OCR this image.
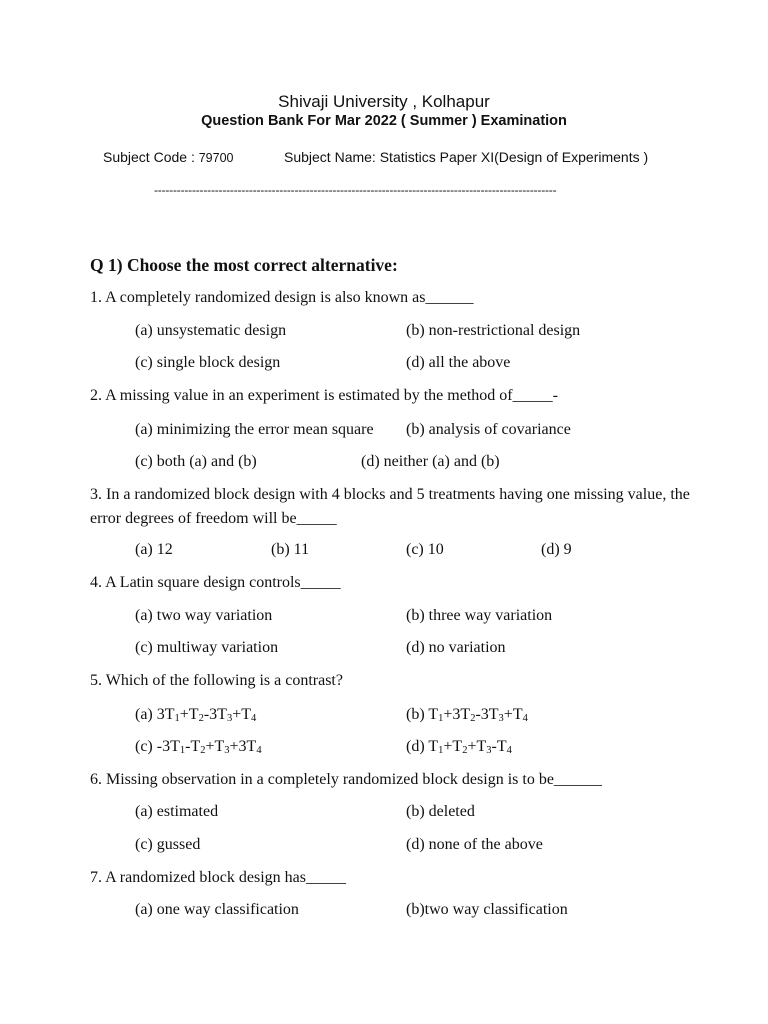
Shivaji University , Kolhapur
Question Bank For Mar 2022 ( Summer ) Examination
Subject Code : 79700	Subject Name: Statistics Paper XI(Design of Experiments )
----------------------------------------------------------------------------------------------------------
Q 1) Choose the most correct alternative:
1. A completely randomized design is also known as______
(a) unsystematic design	(b) non-restrictional design
(c) single block design	(d) all the above
2. A missing value in an experiment is estimated by the method of_____-
(a) minimizing the error mean square (b) analysis of covariance
(c) both (a) and (b)	(d) neither (a) and (b)
3. In a randomized block design with 4 blocks and 5 treatments having one missing value, the error degrees of freedom will be_____
(a) 12	(b) 11	(c) 10	(d) 9
4. A Latin square design controls_____
(a) two way variation	(b) three way variation
(c) multiway variation	(d) no variation
5. Which of the following is a contrast?
(a) $3T_1+T_2-3T_3+T_4$	(b) $T_1+3T_2-3T_3+T_4$
(c) $-3T_1-T_2+T_3+3T_4$	(d) $T_1+T_2+T_3-T_4$
6. Missing observation in a completely randomized block design is to be______
(a) estimated	(b) deleted
(c) gussed	(d) none of the above
7. A randomized block design has_____
(a) one way classification	(b)two way classification
